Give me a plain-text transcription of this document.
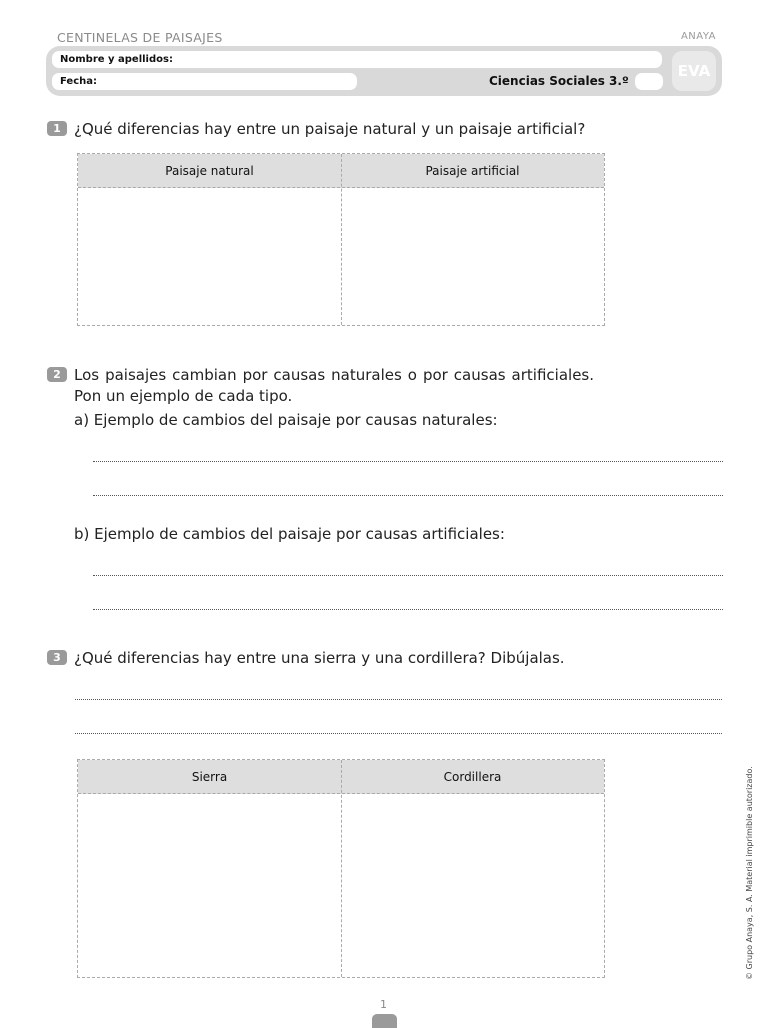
CENTINELAS DE PAISAJES	ANAYA
Nombre y apellidos:
Fecha:	Ciencias Sociales 3.º
EVA
1 ¿Qué diferencias hay entre un paisaje natural y un paisaje artificial?
Paisaje natural	Paisaje artificial
2 Los paisajes cambian por causas naturales o por causas artificiales.
Pon un ejemplo de cada tipo.
a) Ejemplo de cambios del paisaje por causas naturales:
b) Ejemplo de cambios del paisaje por causas artificiales:
3 ¿Qué diferencias hay entre una sierra y una cordillera? Dibújalas.
Sierra	Cordillera
1
© Grupo Anaya, S. A. Material imprimible autorizado.
